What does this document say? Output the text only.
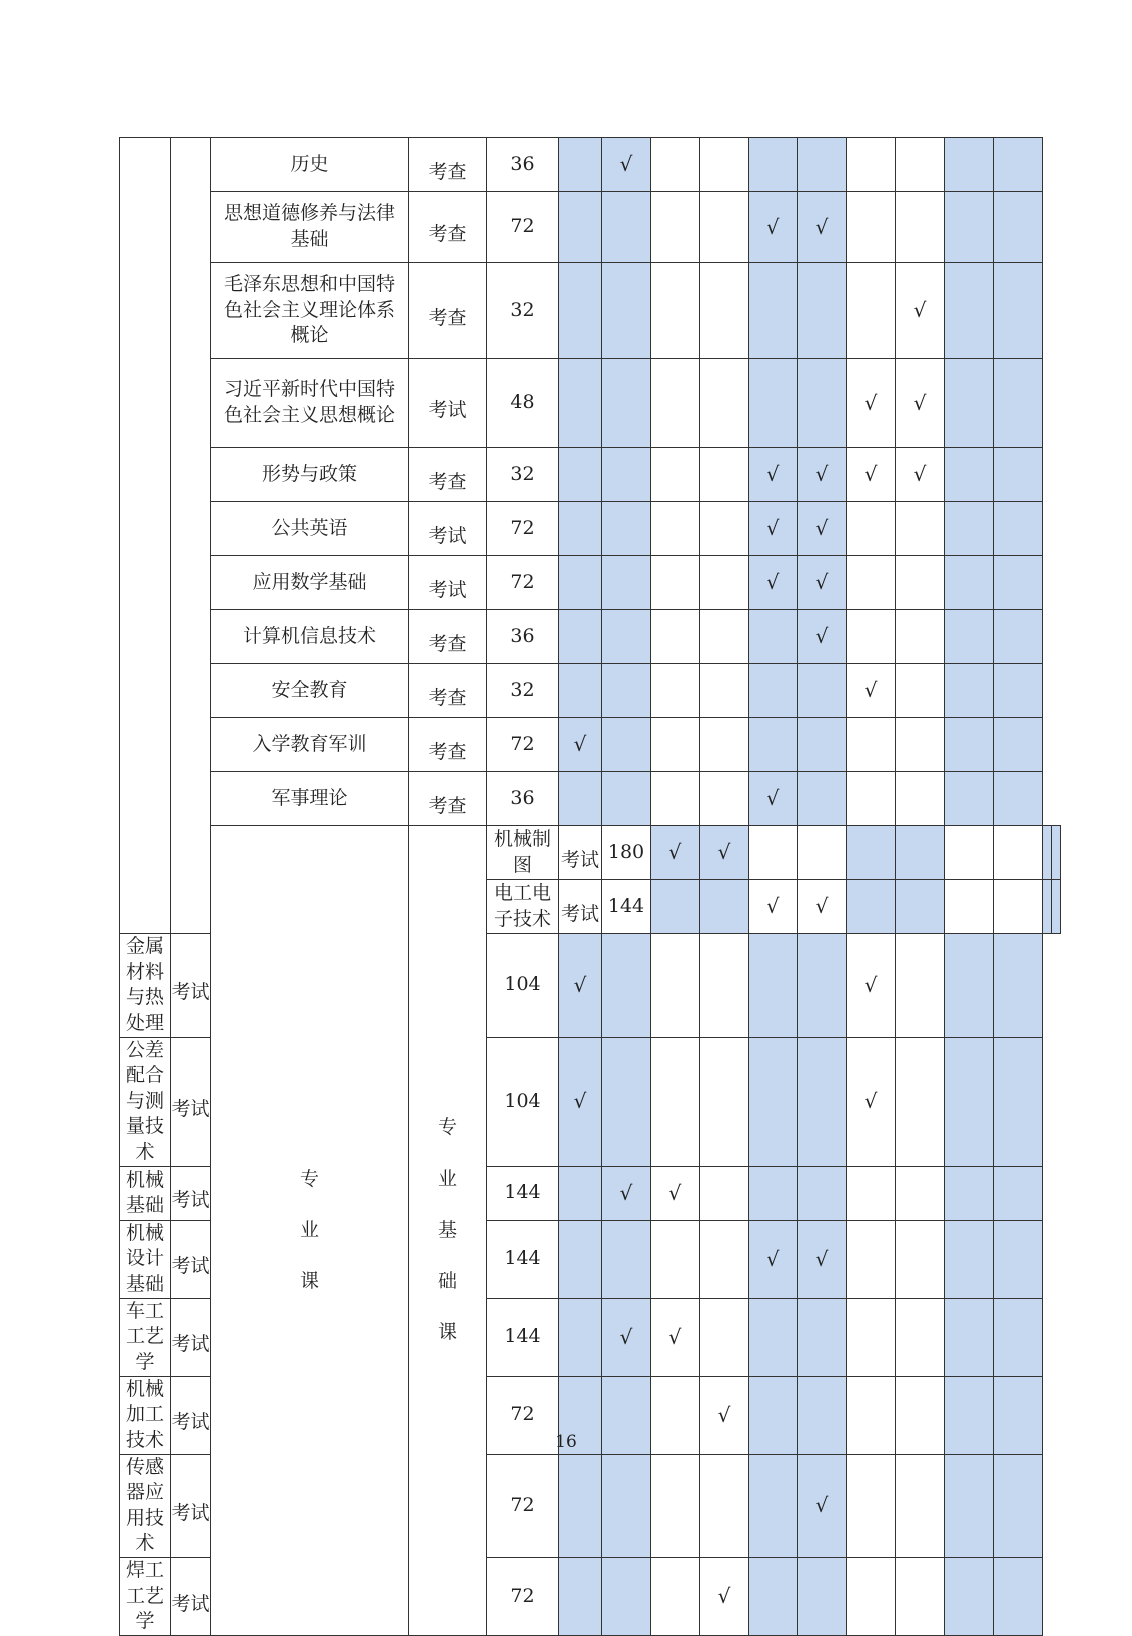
		历史	考查	36		√										
		思想道德修养与法律基础	考查	72					√	√						
		毛泽东思想和中国特色社会主义理论体系概论	考查	32								√				
		习近平新时代中国特色社会主义思想概论	考试	48							√	√				
		形势与政策	考查	32					√	√	√	√				
		公共英语	考试	72					√	√						
		应用数学基础	考试	72					√	√						
		计算机信息技术	考查	36						√						
		安全教育	考查	32							√					
		入学教育军训	考查	72	√											
		军事理论	考查	36					√							

		专业课	专业基础课	机械制图	考试	180	√	√								
				电工电子技术	考试	144			√	√						
金属材料与热处理	考试			104	√						√					
公差配合与测量技术	考试			104	√						√					
机械基础	考试			144		√	√									
机械设计基础	考试			144					√	√						
车工工艺学	考试			144		√	√									
机械加工技术	考试			72				√								
传感器应用技术	考试			72						√						
焊工工艺学	考试			72				√								
16
